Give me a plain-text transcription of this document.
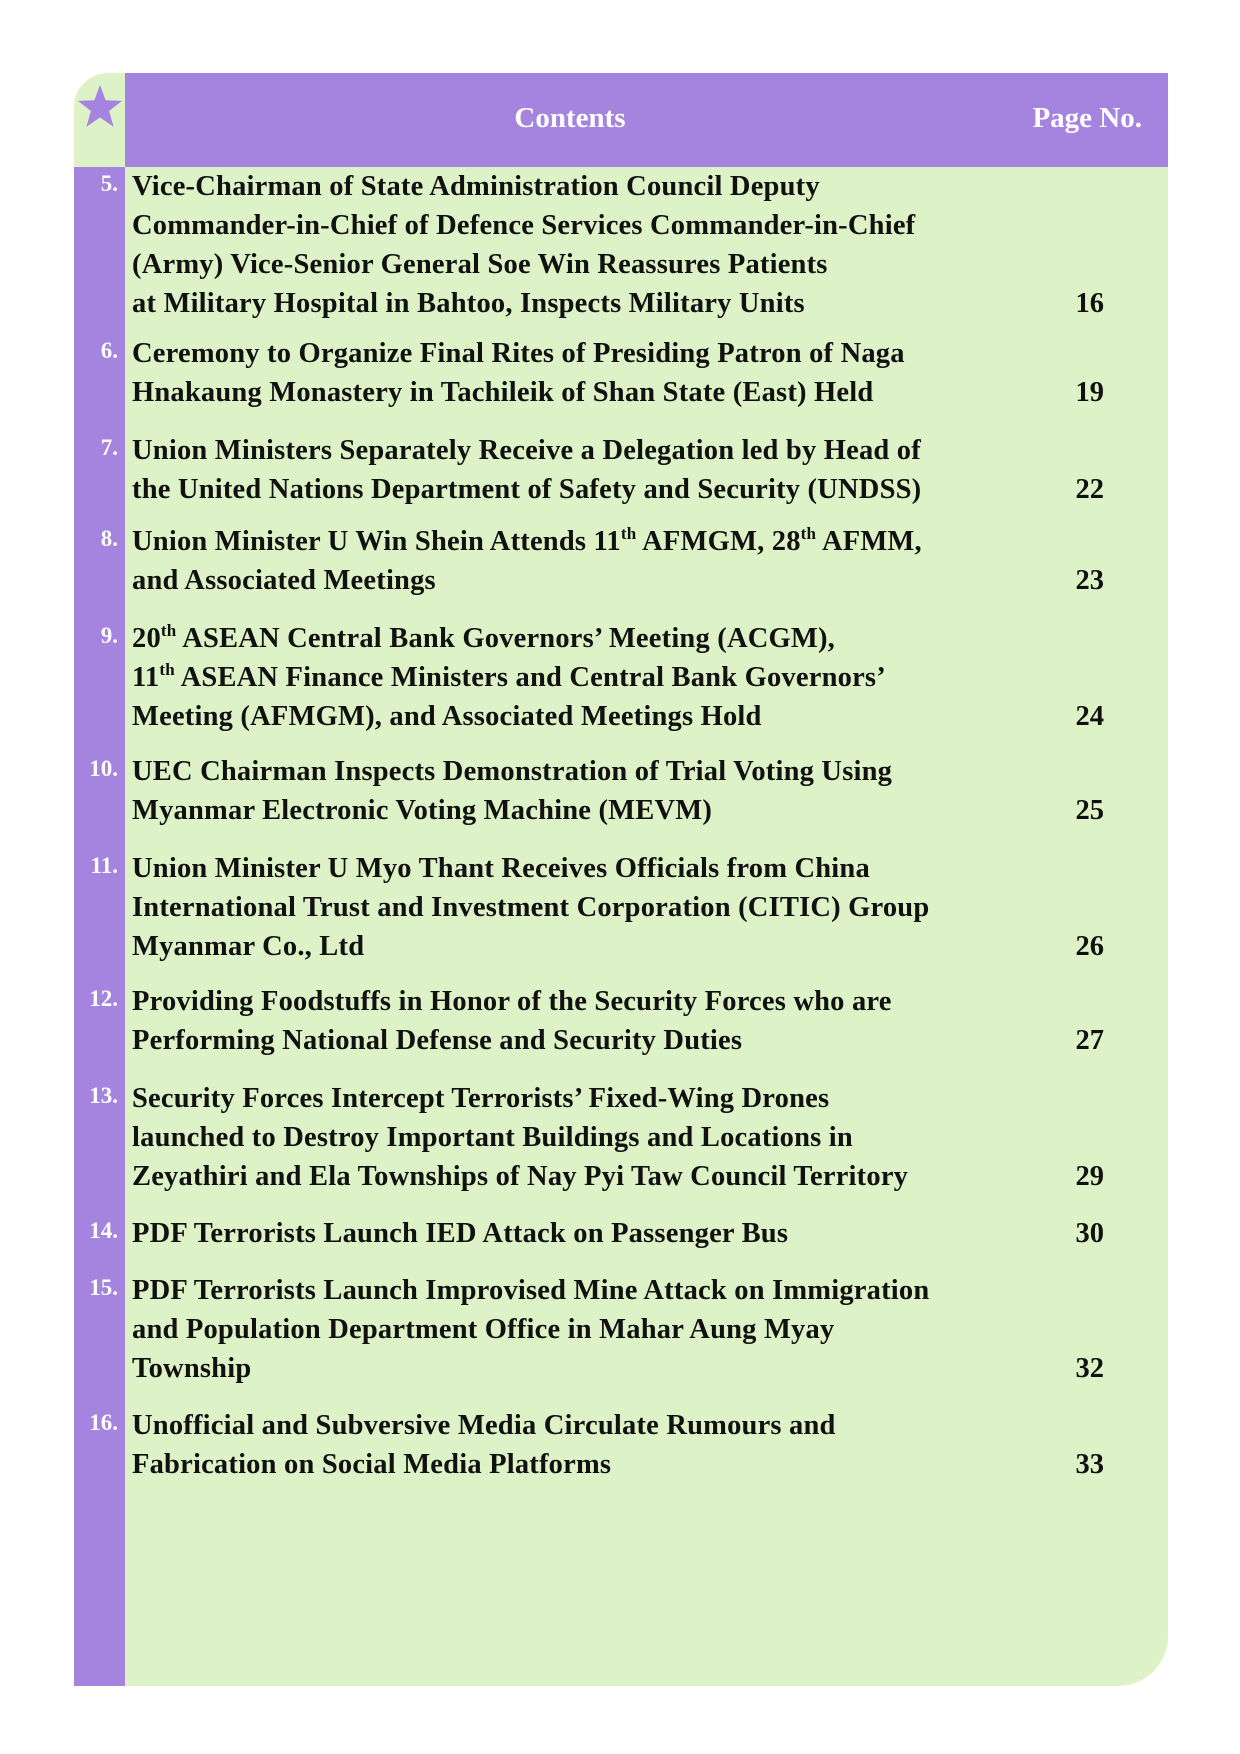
Contents	Page No.
5. Vice-Chairman of State Administration Council Deputy
Commander-in-Chief of Defence Services Commander-in-Chief
(Army) Vice-Senior General Soe Win Reassures Patients
at Military Hospital in Bahtoo, Inspects Military Units	16
6. Ceremony to Organize Final Rites of Presiding Patron of Naga
Hnakaung Monastery in Tachileik of Shan State (East) Held	19
7. Union Ministers Separately Receive a Delegation led by Head of
the United Nations Department of Safety and Security (UNDSS)	22
8. Union Minister U Win Shein Attends 11th AFMGM, 28th AFMM,
and Associated Meetings	23
9. 20th ASEAN Central Bank Governors’ Meeting (ACGM),
11th ASEAN Finance Ministers and Central Bank Governors’
Meeting (AFMGM), and Associated Meetings Hold	24
10. UEC Chairman Inspects Demonstration of Trial Voting Using
Myanmar Electronic Voting Machine (MEVM)	25
11. Union Minister U Myo Thant Receives Officials from China
International Trust and Investment Corporation (CITIC) Group
Myanmar Co., Ltd	26
12. Providing Foodstuffs in Honor of the Security Forces who are
Performing National Defense and Security Duties	27
13. Security Forces Intercept Terrorists’ Fixed-Wing Drones
launched to Destroy Important Buildings and Locations in
Zeyathiri and Ela Townships of Nay Pyi Taw Council Territory	29
14. PDF Terrorists Launch IED Attack on Passenger Bus	30
15. PDF Terrorists Launch Improvised Mine Attack on Immigration
and Population Department Office in Mahar Aung Myay
Township	32
16. Unofficial and Subversive Media Circulate Rumours and
Fabrication on Social Media Platforms	33
